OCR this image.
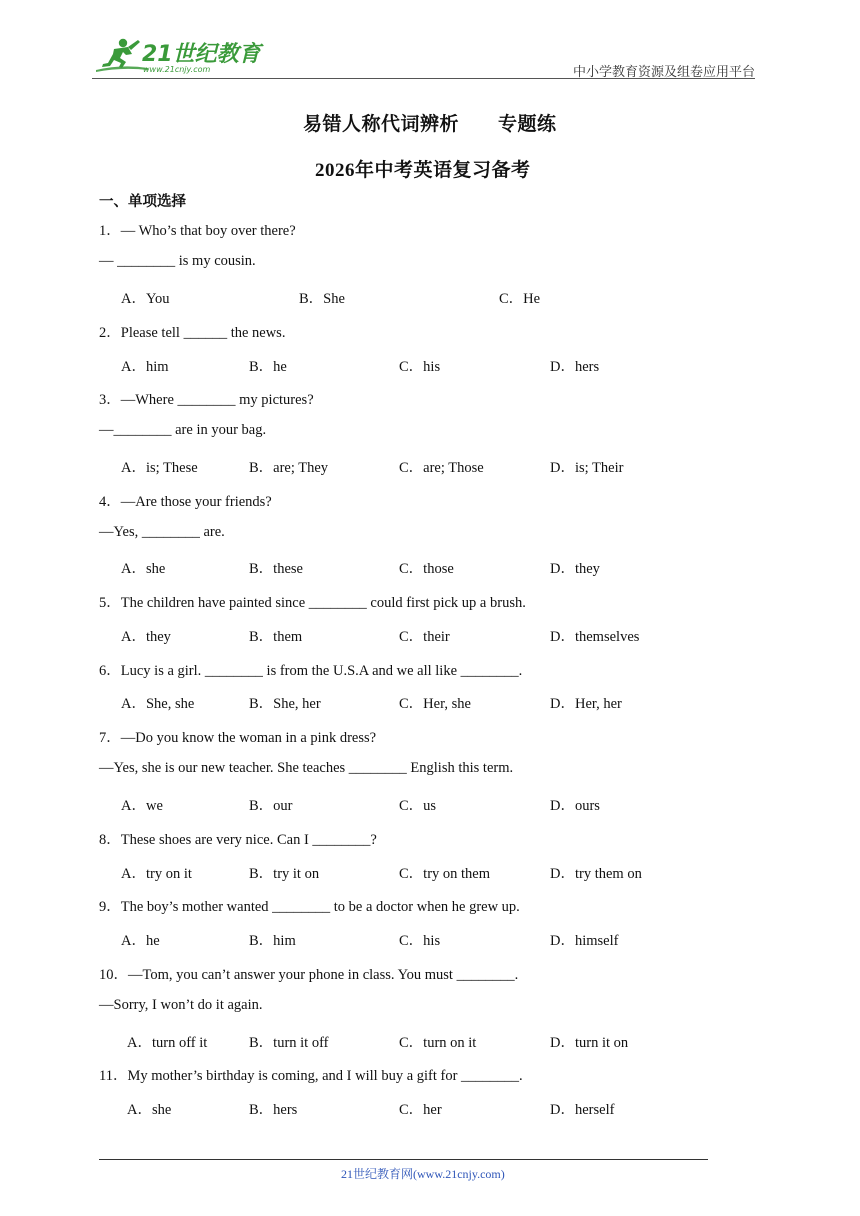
21世纪教育
www.21cnjy.com	中小学教育资源及组卷应用平台
易错人称代词辨析 专题练
2026年中考英语复习备考
一、单项选择
1．— Who’s that boy over there?
— ________ is my cousin.
A．You	B．She	C．He
2．Please tell ______ the news.
A．him	B．he	C．his	D．hers
3．—Where ________ my pictures?
—________ are in your bag.
A．is; These	B．are; They	C．are; Those	D．is; Their
4．—Are those your friends?
—Yes, ________ are.
A．she	B．these	C．those	D．they
5．The children have painted since ________ could first pick up a brush.
A．they	B．them	C．their	D．themselves
6．Lucy is a girl. ________ is from the U.S.A and we all like ________.
A．She, she	B．She, her	C．Her, she	D．Her, her
7．—Do you know the woman in a pink dress?
—Yes, she is our new teacher. She teaches ________ English this term.
A．we	B．our	C．us	D．ours
8．These shoes are very nice. Can I ________?
A．try on it	B．try it on	C．try on them	D．try them on
9．The boy’s mother wanted ________ to be a doctor when he grew up.
A．he	B．him	C．his	D．himself
10．—Tom, you can’t answer your phone in class. You must ________.
—Sorry, I won’t do it again.
A．turn off it	B．turn it off	C．turn on it	D．turn it on
11．My mother’s birthday is coming, and I will buy a gift for ________.
A．she	B．hers	C．her	D．herself
21世纪教育网(www.21cnjy.com)
